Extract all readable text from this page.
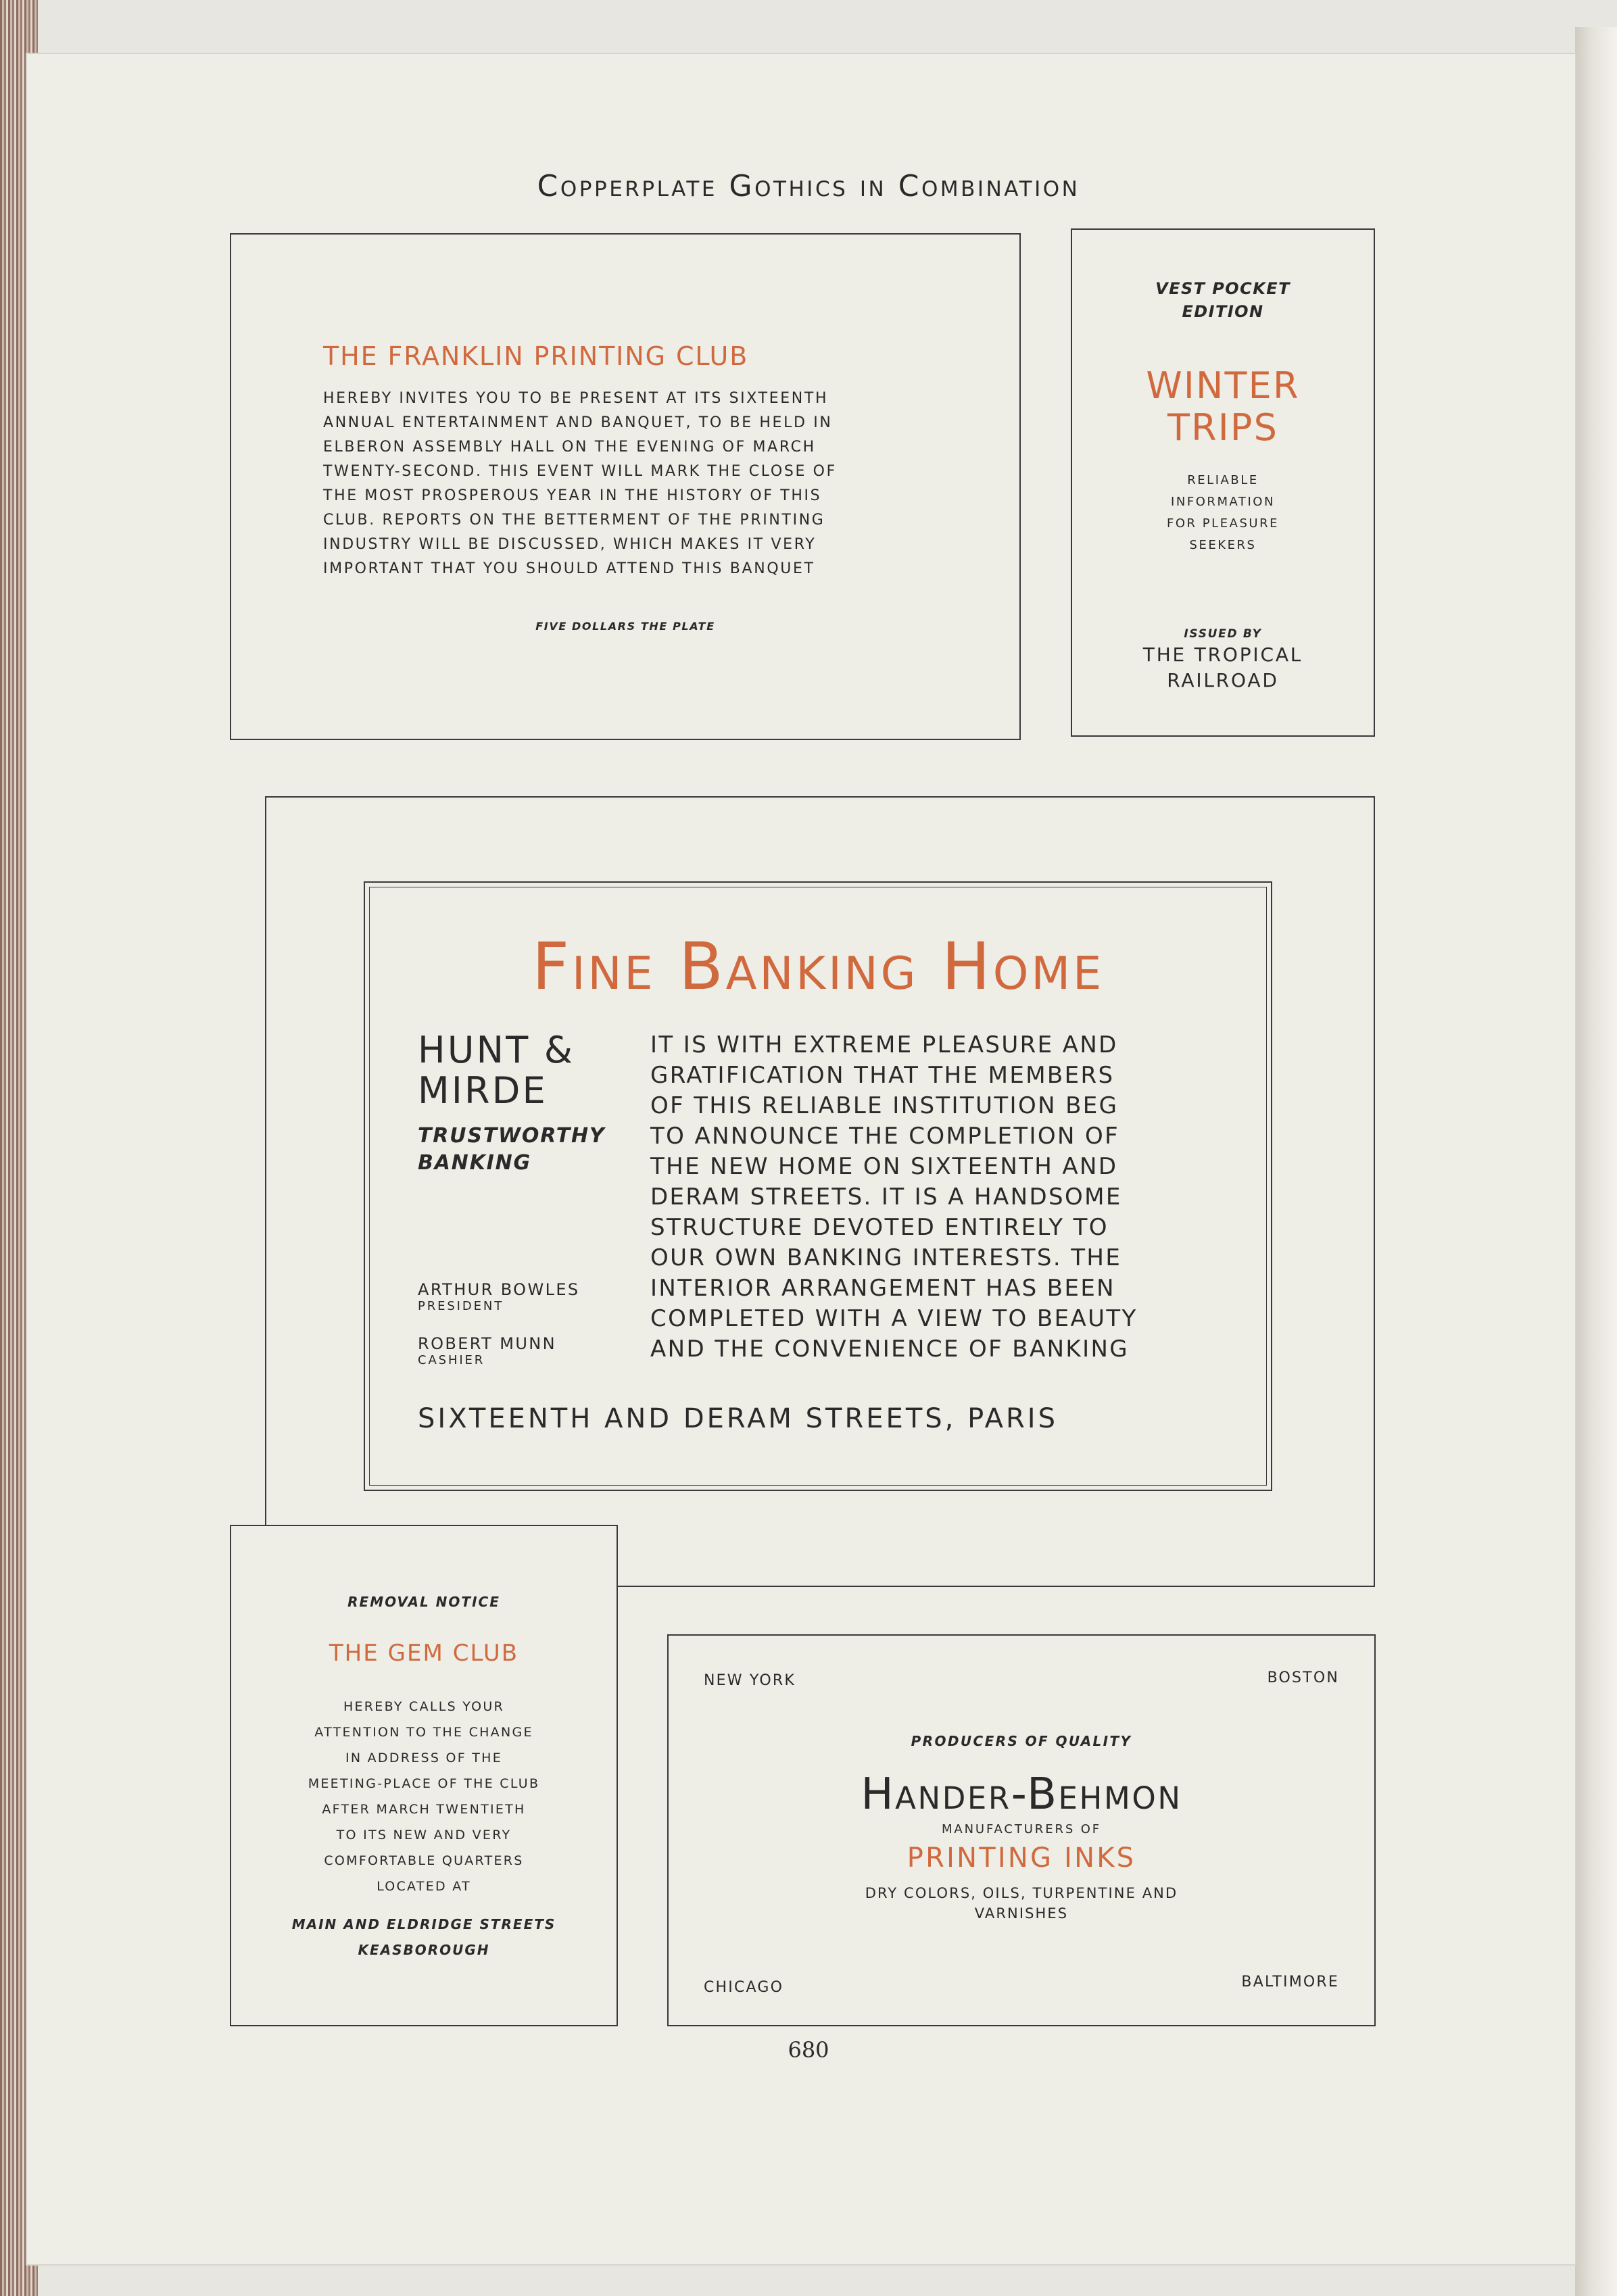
Copperplate Gothics in Combination
THE FRANKLIN PRINTING CLUB
HEREBY INVITES YOU TO BE PRESENT AT ITS SIXTEENTH
ANNUAL ENTERTAINMENT AND BANQUET, TO BE HELD IN
ELBERON ASSEMBLY HALL ON THE EVENING OF MARCH
TWENTY-SECOND. THIS EVENT WILL MARK THE CLOSE OF
THE MOST PROSPEROUS YEAR IN THE HISTORY OF THIS
CLUB. REPORTS ON THE BETTERMENT OF THE PRINTING
INDUSTRY WILL BE DISCUSSED, WHICH MAKES IT VERY
IMPORTANT THAT YOU SHOULD ATTEND THIS BANQUET
FIVE DOLLARS THE PLATE
VEST POCKET
EDITION
WINTER
TRIPS
RELIABLE
INFORMATION
FOR PLEASURE
SEEKERS
ISSUED BY
THE TROPICAL
RAILROAD
Fine Banking Home
HUNT &
MIRDE
TRUSTWORTHY
BANKING
ARTHUR BOWLES
PRESIDENT
ROBERT MUNN
CASHIER
IT IS WITH EXTREME PLEASURE AND
GRATIFICATION THAT THE MEMBERS
OF THIS RELIABLE INSTITUTION BEG
TO ANNOUNCE THE COMPLETION OF
THE NEW HOME ON SIXTEENTH AND
DERAM STREETS. IT IS A HANDSOME
STRUCTURE DEVOTED ENTIRELY TO
OUR OWN BANKING INTERESTS. THE
INTERIOR ARRANGEMENT HAS BEEN
COMPLETED WITH A VIEW TO BEAUTY
AND THE CONVENIENCE OF BANKING
SIXTEENTH AND DERAM STREETS, PARIS
REMOVAL NOTICE
THE GEM CLUB
HEREBY CALLS YOUR
ATTENTION TO THE CHANGE
IN ADDRESS OF THE
MEETING-PLACE OF THE CLUB
AFTER MARCH TWENTIETH
TO ITS NEW AND VERY
COMFORTABLE QUARTERS
LOCATED AT
MAIN AND ELDRIDGE STREETS
KEASBOROUGH
NEW YORK	BOSTON
PRODUCERS OF QUALITY
Hander-Behmon
MANUFACTURERS OF
PRINTING INKS
DRY COLORS, OILS, TURPENTINE AND
VARNISHES
CHICAGO	BALTIMORE
680
